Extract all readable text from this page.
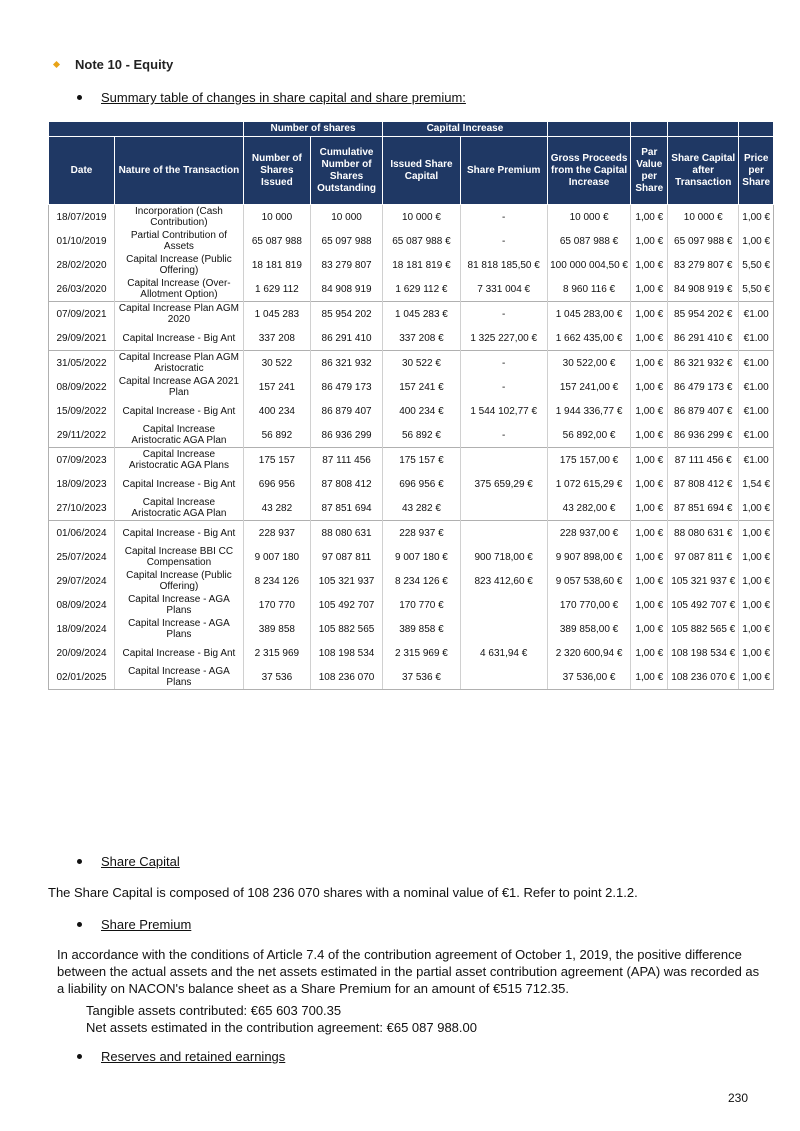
Note 10 - Equity
Summary table of changes in share capital and share premium:
		Number of shares		Capital Increase					
Date	Nature of the Transaction	Number of Shares Issued	Cumulative Number of Shares Outstanding	Issued Share Capital	Share Premium	Gross Proceeds from the Capital Increase	Par Value per Share	Share Capital after Transaction	Price per Share
18/07/2019	Incorporation (Cash Contribution)	10 000	10 000	10 000 €	-	10 000 €	1,00 €	10 000 €	1,00 €
01/10/2019	Partial Contribution of Assets	65 087 988	65 097 988	65 087 988 €	-	65 087 988 €	1,00 €	65 097 988 €	1,00 €
28/02/2020	Capital Increase (Public Offering)	18 181 819	83 279 807	18 181 819 €	81 818 185,50 €	100 000 004,50 €	1,00 €	83 279 807 €	5,50 €
26/03/2020	Capital Increase (Over-Allotment Option)	1 629 112	84 908 919	1 629 112 €	7 331 004 €	8 960 116 €	1,00 €	84 908 919 €	5,50 €
07/09/2021	Capital Increase Plan AGM 2020	1 045 283	85 954 202	1 045 283 €	-	1 045 283,00 €	1,00 €	85 954 202 €	€1.00
29/09/2021	Capital Increase - Big Ant	337 208	86 291 410	337 208 €	1 325 227,00 €	1 662 435,00 €	1,00 €	86 291 410 €	€1.00
31/05/2022	Capital Increase Plan AGM Aristocratic	30 522	86 321 932	30 522 €	-	30 522,00 €	1,00 €	86 321 932 €	€1.00
08/09/2022	Capital Increase AGA 2021 Plan	157 241	86 479 173	157 241 €	-	157 241,00 €	1,00 €	86 479 173 €	€1.00
15/09/2022	Capital Increase - Big Ant	400 234	86 879 407	400 234 €	1 544 102,77 €	1 944 336,77 €	1,00 €	86 879 407 €	€1.00
29/11/2022	Capital Increase Aristocratic AGA Plan	56 892	86 936 299	56 892 €	-	56 892,00 €	1,00 €	86 936 299 €	€1.00
07/09/2023	Capital Increase Aristocratic AGA Plans	175 157	87 111 456	175 157 €		175 157,00 €	1,00 €	87 111 456 €	€1.00
18/09/2023	Capital Increase - Big Ant	696 956	87 808 412	696 956 €	375 659,29 €	1 072 615,29 €	1,00 €	87 808 412 €	1,54 €
27/10/2023	Capital Increase Aristocratic AGA Plan	43 282	87 851 694	43 282 €		43 282,00 €	1,00 €	87 851 694 €	1,00 €
01/06/2024	Capital Increase - Big Ant	228 937	88 080 631	228 937 €		228 937,00 €	1,00 €	88 080 631 €	1,00 €
25/07/2024	Capital Increase BBI CC Compensation	9 007 180	97 087 811	9 007 180 €	900 718,00 €	9 907 898,00 €	1,00 €	97 087 811 €	1,00 €
29/07/2024	Capital Increase (Public Offering)	8 234 126	105 321 937	8 234 126 €	823 412,60 €	9 057 538,60 €	1,00 €	105 321 937 €	1,00 €
08/09/2024	Capital Increase - AGA Plans	170 770	105 492 707	170 770 €		170 770,00 €	1,00 €	105 492 707 €	1,00 €
18/09/2024	Capital Increase - AGA Plans	389 858	105 882 565	389 858 €		389 858,00 €	1,00 €	105 882 565 €	1,00 €
20/09/2024	Capital Increase - Big Ant	2 315 969	108 198 534	2 315 969 €	4 631,94 €	2 320 600,94 €	1,00 €	108 198 534 €	1,00 €
02/01/2025	Capital Increase - AGA Plans	37 536	108 236 070	37 536 €		37 536,00 €	1,00 €	108 236 070 €	1,00 €
Share Capital
The Share Capital is composed of 108 236 070 shares with a nominal value of €1. Refer to point 2.1.2.
Share Premium
In accordance with the conditions of Article 7.4 of the contribution agreement of October 1, 2019, the positive difference between the actual assets and the net assets estimated in the partial asset contribution agreement (APA) was recorded as a liability on NACON's balance sheet as a Share Premium for an amount of €515 712.35.
Tangible assets contributed: €65 603 700.35
Net assets estimated in the contribution agreement: €65 087 988.00
Reserves and retained earnings
230
